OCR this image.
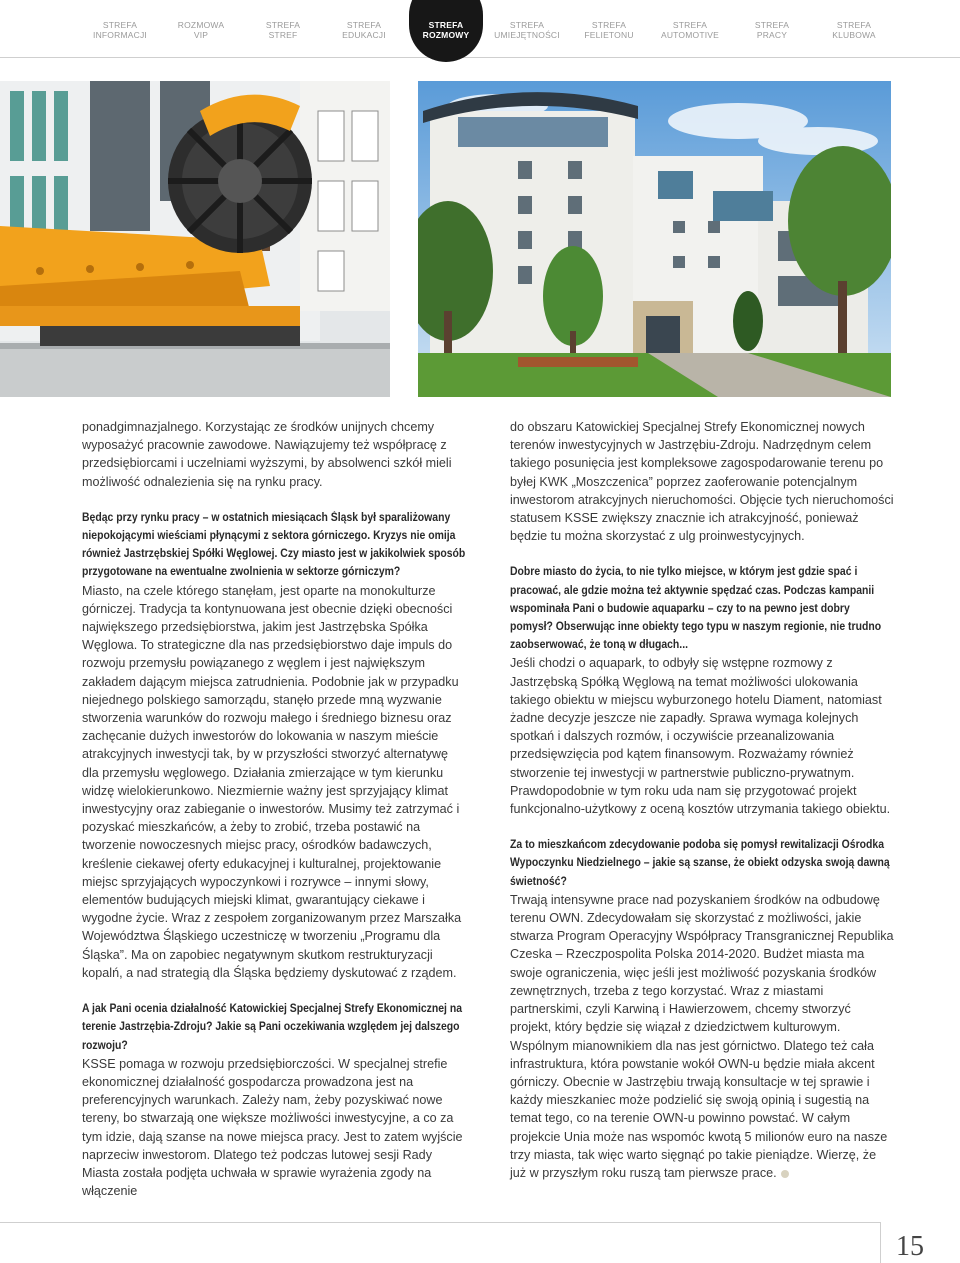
STREFA
INFORMACJI
ROZMOWA
VIP
STREFA
STREF
STREFA
EDUKACJI
STREFA
ROZMOWY
STREFA
UMIEJĘTNOŚCI
STREFA
FELIETONU
STREFA
AUTOMOTIVE
STREFA
PRACY
STREFA
KLUBOWA

ponadgimnazjalnego. Korzystając ze środków unijnych chcemy wyposażyć pracownie zawodowe. Nawiązujemy też współpracę z przedsiębiorcami i uczelniami wyższymi, by absolwenci szkół mieli możliwość odnalezienia się na rynku pracy.

Będąc przy rynku pracy – w ostatnich miesiącach Śląsk był sparaliżowany niepokojącymi wieściami płynącymi z sektora górniczego. Kryzys nie omija również Jastrzębskiej Spółki Węglowej. Czy miasto jest w jakikolwiek sposób przygotowane na ewentualne zwolnienia w sektorze górniczym?

Miasto, na czele którego stanęłam, jest oparte na monokulturze górniczej. Tradycja ta kontynuowana jest obecnie dzięki obecności największego przedsiębiorstwa, jakim jest Jastrzębska Spółka Węglowa. To strategiczne dla nas przedsiębiorstwo daje impuls do rozwoju przemysłu powiązanego z węglem i jest największym zakładem dającym miejsca zatrudnienia. Podobnie jak w przypadku niejednego polskiego samorządu, stanęło przede mną wyzwanie stworzenia warunków do rozwoju małego i średniego biznesu oraz zachęcanie dużych inwestorów do lokowania w naszym mieście atrakcyjnych inwestycji tak, by w przyszłości stworzyć alternatywę dla przemysłu węglowego. Działania zmierzające w tym kierunku widzę wielokierunkowo. Niezmiernie ważny jest sprzyjający klimat inwestycyjny oraz zabieganie o inwestorów. Musimy też zatrzymać i pozyskać mieszkańców, a żeby to zrobić, trzeba postawić na tworzenie nowoczesnych miejsc pracy, ośrodków badawczych, kreślenie ciekawej oferty edukacyjnej i kulturalnej, projektowanie miejsc sprzyjających wypoczynkowi i rozrywce – innymi słowy, elementów budujących miejski klimat, gwarantujący ciekawe i wygodne życie. Wraz z zespołem zorganizowanym przez Marszałka Województwa Śląskiego uczestniczę w tworzeniu „Programu dla Śląska”. Ma on zapobiec negatywnym skutkom restrukturyzacji kopalń, a nad strategią dla Śląska będziemy dyskutować z rządem.

A jak Pani ocenia działalność Katowickiej Specjalnej Strefy Ekonomicznej na terenie Jastrzębia-Zdroju? Jakie są Pani oczekiwania względem jej dalszego rozwoju?

KSSE pomaga w rozwoju przedsiębiorczości. W specjalnej strefie ekonomicznej działalność gospodarcza prowadzona jest na preferencyjnych warunkach. Zależy nam, żeby pozyskiwać nowe tereny, bo stwarzają one większe możliwości inwestycyjne, a co za tym idzie, dają szanse na nowe miejsca pracy. Jest to zatem wyjście naprzeciw inwestorom. Dlatego też podczas lutowej sesji Rady Miasta została podjęta uchwała w sprawie wyrażenia zgody na włączenie

do obszaru Katowickiej Specjalnej Strefy Ekonomicznej nowych terenów inwestycyjnych w Jastrzębiu-Zdroju. Nadrzędnym celem takiego posunięcia jest kompleksowe zagospodarowanie terenu po byłej KWK „Moszczenica” poprzez zaoferowanie potencjalnym inwestorom atrakcyjnych nieruchomości. Objęcie tych nieruchomości statusem KSSE zwiększy znacznie ich atrakcyjność, ponieważ będzie tu można skorzystać z ulg proinwestycyjnych.

Dobre miasto do życia, to nie tylko miejsce, w którym jest gdzie spać i pracować, ale gdzie można też aktywnie spędzać czas. Podczas kampanii wspominała Pani o budowie aquaparku – czy to na pewno jest dobry pomysł? Obserwując inne obiekty tego typu w naszym regionie, nie trudno zaobserwować, że toną w długach...

Jeśli chodzi o aquapark, to odbyły się wstępne rozmowy z Jastrzębską Spółką Węglową na temat możliwości ulokowania takiego obiektu w miejscu wyburzonego hotelu Diament, natomiast żadne decyzje jeszcze nie zapadły. Sprawa wymaga kolejnych spotkań i dalszych rozmów, i oczywiście przeanalizowania przedsięwzięcia pod kątem finansowym. Rozważamy również stworzenie tej inwestycji w partnerstwie publiczno-prywatnym. Prawdopodobnie w tym roku uda nam się przygotować projekt funkcjonalno-użytkowy z oceną kosztów utrzymania takiego obiektu.

Za to mieszkańcom zdecydowanie podoba się pomysł rewitalizacji Ośrodka Wypoczynku Niedzielnego – jakie są szanse, że obiekt odzyska swoją dawną świetność?

Trwają intensywne prace nad pozyskaniem środków na odbudowę terenu OWN. Zdecydowałam się skorzystać z możliwości, jakie stwarza Program Operacyjny Współpracy Transgranicznej Republika Czeska – Rzeczpospolita Polska 2014-2020. Budżet miasta ma swoje ograniczenia, więc jeśli jest możliwość pozyskania środków zewnętrznych, trzeba z tego korzystać. Wraz z miastami partnerskimi, czyli Karwiną i Hawierzowem, chcemy stworzyć projekt, który będzie się wiązał z dziedzictwem kulturowym. Wspólnym mianownikiem dla nas jest górnictwo. Dlatego też cała infrastruktura, która powstanie wokół OWN-u będzie miała akcent górniczy. Obecnie w Jastrzębiu trwają konsultacje w tej sprawie i każdy mieszkaniec może podzielić się swoją opinią i sugestią na temat tego, co na terenie OWN-u powinno powstać. W całym projekcie Unia może nas wspomóc kwotą 5 milionów euro na nasze trzy miasta, tak więc warto sięgnąć po takie pieniądze. Wierzę, że już w przyszłym roku ruszą tam pierwsze prace.

15
